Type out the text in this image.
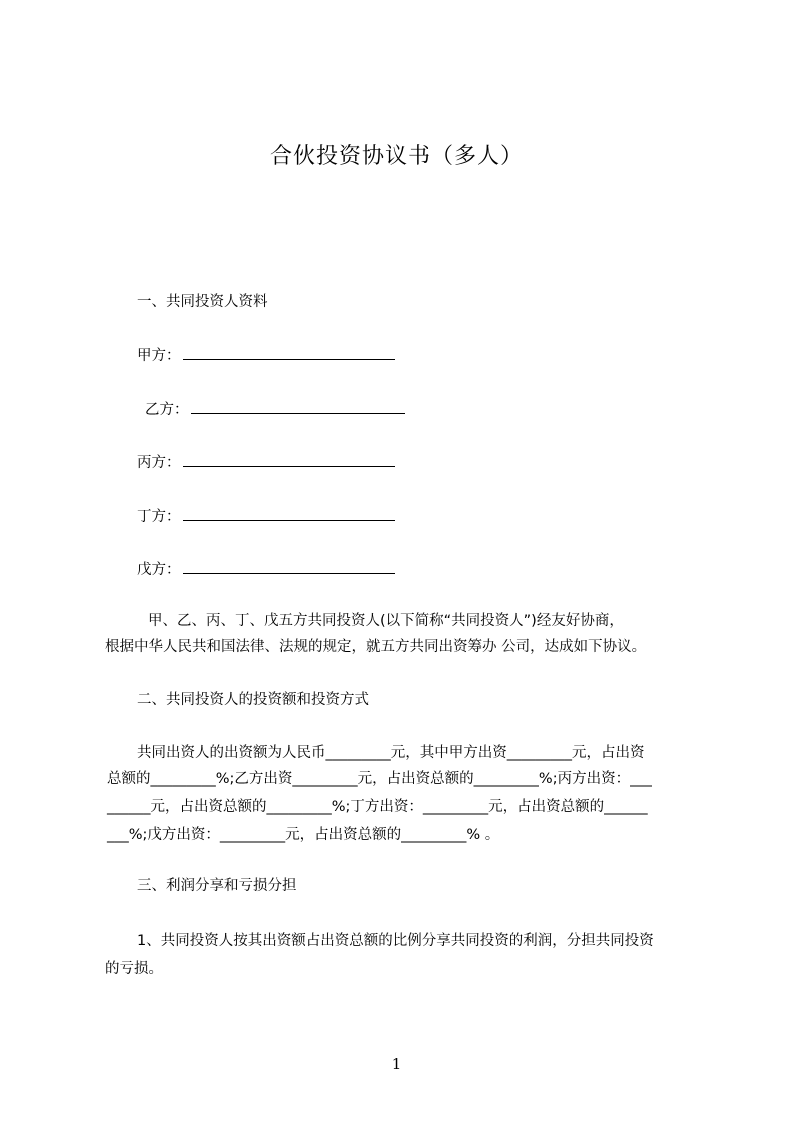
合伙投资协议书（多人）
一、共同投资人资料
甲方：
乙方：
丙方：
丁方：
戊方：
甲、乙、丙、丁、戊五方共同投资人(以下简称“共同投资人”)经友好协商，
根据中华人民共和国法律、法规的规定，就五方共同出资筹办 公司，达成如下协议。
二、共同投资人的投资额和投资方式
共同出资人的出资额为人民币_________元，其中甲方出资_________元，占出资
总额的_________%;乙方出资_________元，占出资总额的_________%;丙方出资：___
______元，占出资总额的_________%;丁方出资：_________元，占出资总额的______
___%;戊方出资：_________元，占出资总额的_________% 。
三、利润分享和亏损分担
1、共同投资人按其出资额占出资总额的比例分享共同投资的利润，分担共同投资
的亏损。
1
